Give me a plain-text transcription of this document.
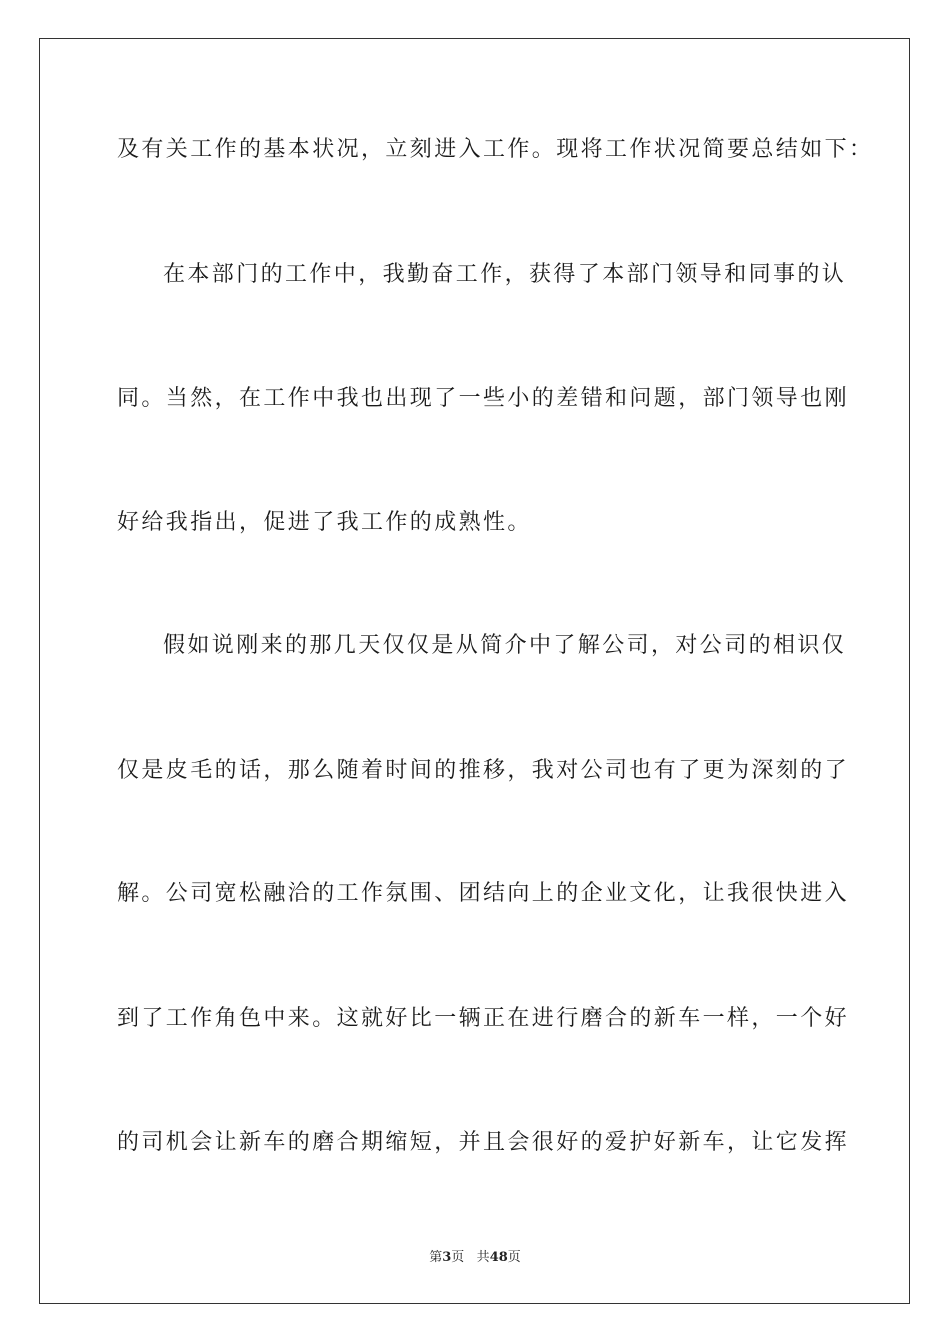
及有关工作的基本状况，立刻进入工作。现将工作状况简要总结如下：
在本部门的工作中，我勤奋工作，获得了本部门领导和同事的认
同。当然，在工作中我也出现了一些小的差错和问题，部门领导也刚
好给我指出，促进了我工作的成熟性。
假如说刚来的那几天仅仅是从简介中了解公司，对公司的相识仅
仅是皮毛的话，那么随着时间的推移，我对公司也有了更为深刻的了
解。公司宽松融洽的工作氛围、团结向上的企业文化，让我很快进入
到了工作角色中来。这就好比一辆正在进行磨合的新车一样，一个好
的司机会让新车的磨合期缩短，并且会很好的爱护好新车，让它发挥
第3页 共48页
